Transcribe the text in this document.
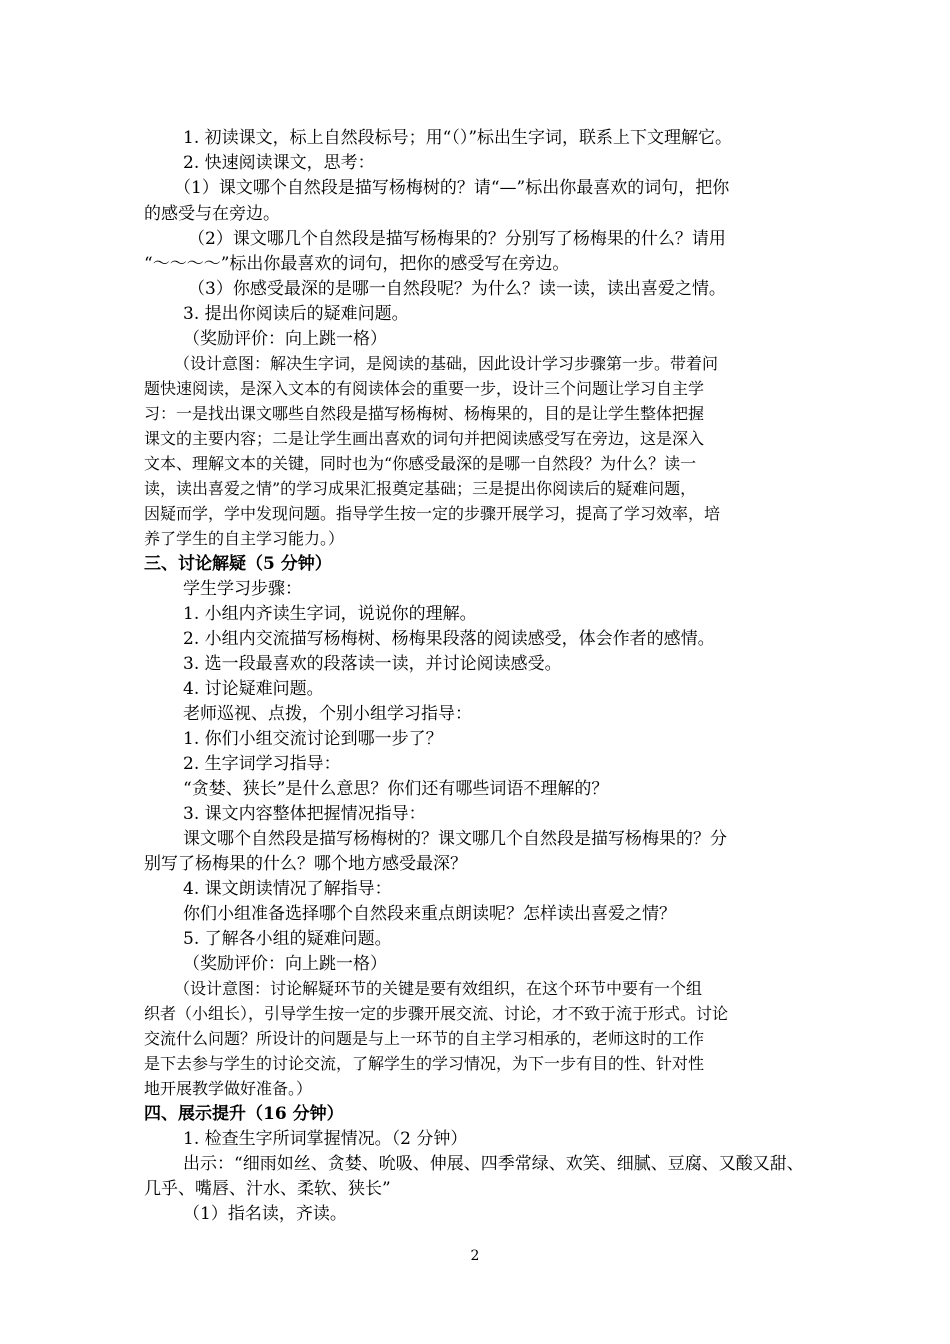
1. 初读课文，标上自然段标号；用“（）”标出生字词，联系上下文理解它。
2. 快速阅读课文，思考：
（1）课文哪个自然段是描写杨梅树的？请“—”标出你最喜欢的词句，把你
的感受与在旁边。
（2）课文哪几个自然段是描写杨梅果的？分别写了杨梅果的什么？请用
“～～～～”标出你最喜欢的词句，把你的感受写在旁边。
（3）你感受最深的是哪一自然段呢？为什么？读一读，读出喜爱之情。
3. 提出你阅读后的疑难问题。
（奖励评价：向上跳一格）
（设计意图：解决生字词，是阅读的基础，因此设计学习步骤第一步。带着问
题快速阅读，是深入文本的有阅读体会的重要一步，设计三个问题让学习自主学
习：一是找出课文哪些自然段是描写杨梅树、杨梅果的，目的是让学生整体把握
课文的主要内容；二是让学生画出喜欢的词句并把阅读感受写在旁边，这是深入
文本、理解文本的关键，同时也为“你感受最深的是哪一自然段？为什么？读一
读，读出喜爱之情”的学习成果汇报奠定基础；三是提出你阅读后的疑难问题，
因疑而学，学中发现问题。指导学生按一定的步骤开展学习，提高了学习效率，培
养了学生的自主学习能力。）
三、讨论解疑（5 分钟）
学生学习步骤：
1. 小组内齐读生字词，说说你的理解。
2. 小组内交流描写杨梅树、杨梅果段落的阅读感受，体会作者的感情。
3. 选一段最喜欢的段落读一读，并讨论阅读感受。
4. 讨论疑难问题。
老师巡视、点拨，个别小组学习指导：
1. 你们小组交流讨论到哪一步了？
2. 生字词学习指导：
“贪婪、狭长”是什么意思？你们还有哪些词语不理解的？
3. 课文内容整体把握情况指导：
课文哪个自然段是描写杨梅树的？课文哪几个自然段是描写杨梅果的？分
别写了杨梅果的什么？哪个地方感受最深？
4. 课文朗读情况了解指导：
你们小组准备选择哪个自然段来重点朗读呢？怎样读出喜爱之情？
5. 了解各小组的疑难问题。
（奖励评价：向上跳一格）
（设计意图：讨论解疑环节的关键是要有效组织，在这个环节中要有一个组
织者（小组长），引导学生按一定的步骤开展交流、讨论，才不致于流于形式。讨论
交流什么问题？所设计的问题是与上一环节的自主学习相承的，老师这时的工作
是下去参与学生的讨论交流，了解学生的学习情况，为下一步有目的性、针对性
地开展教学做好准备。）
四、展示提升（16 分钟）
1. 检查生字所词掌握情况。（2 分钟）
出示：“细雨如丝、贪婪、吮吸、伸展、四季常绿、欢笑、细腻、豆腐、又酸又甜、
几乎、嘴唇、汁水、柔软、狭长”
（1）指名读，齐读。
2
